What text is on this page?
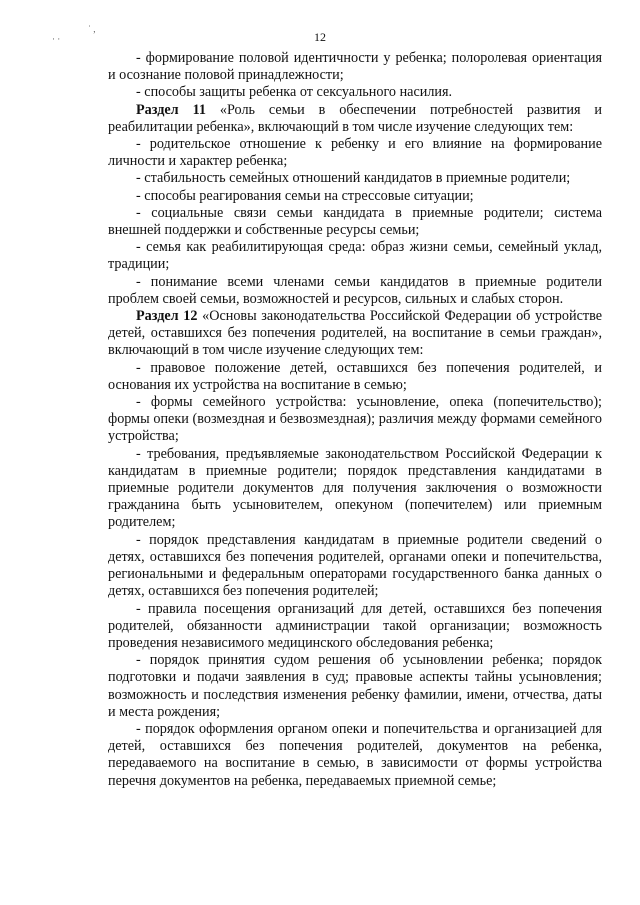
· ·
˙ ,
12

- формирование половой идентичности у ребенка; полоролевая ориентация и осознание половой принадлежности;

- способы защиты ребенка от сексуального насилия.

Раздел 11 «Роль семьи в обеспечении потребностей развития и реабилитации ребенка», включающий в том числе изучение следующих тем:

- родительское отношение к ребенку и его влияние на формирование личности и характер ребенка;

- стабильность семейных отношений кандидатов в приемные родители;

- способы реагирования семьи на стрессовые ситуации;

- социальные связи семьи кандидата в приемные родители; система внешней поддержки и собственные ресурсы семьи;

- семья как реабилитирующая среда: образ жизни семьи, семейный уклад, традиции;

- понимание всеми членами семьи кандидатов в приемные родители проблем своей семьи, возможностей и ресурсов, сильных и слабых сторон.

Раздел 12 «Основы законодательства Российской Федерации об устройстве детей, оставшихся без попечения родителей, на воспитание в семьи граждан», включающий в том числе изучение следующих тем:

- правовое положение детей, оставшихся без попечения родителей, и основания их устройства на воспитание в семью;

- формы семейного устройства: усыновление, опека (попечительство); формы опеки (возмездная и безвозмездная); различия между формами семейного устройства;

- требования, предъявляемые законодательством Российской Федерации к кандидатам в приемные родители; порядок представления кандидатами в приемные родители документов для получения заключения о возможности гражданина быть усыновителем, опекуном (попечителем) или приемным родителем;

- порядок представления кандидатам в приемные родители сведений о детях, оставшихся без попечения родителей, органами опеки и попечительства, региональными и федеральным операторами государственного банка данных о детях, оставшихся без попечения родителей;

- правила посещения организаций для детей, оставшихся без попечения родителей, обязанности администрации такой организации; возможность проведения независимого медицинского обследования ребенка;

- порядок принятия судом решения об усыновлении ребенка; порядок подготовки и подачи заявления в суд; правовые аспекты тайны усыновления; возможность и последствия изменения ребенку фамилии, имени, отчества, даты и места рождения;

- порядок оформления органом опеки и попечительства и организацией для детей, оставшихся без попечения родителей, документов на ребенка, передаваемого на воспитание в семью, в зависимости от формы устройства перечня документов на ребенка, передаваемых приемной семье;
